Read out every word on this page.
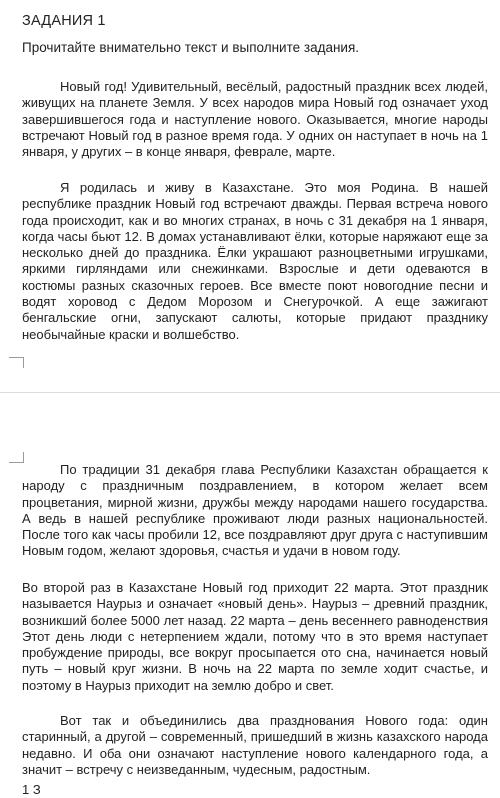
ЗАДАНИЯ 1
Прочитайте внимательно текст и выполните задания.

Новый год! Удивительный, весёлый, радостный праздник всех людей, живущих на планете Земля. У всех народов мира Новый год означает уход завершившегося года и наступление нового. Оказывается, многие народы встречают Новый год в разное время года. У одних он наступает в ночь на 1 января, у других – в конце января, феврале, марте.

Я родилась и живу в Казахстане. Это моя Родина. В нашей республике праздник Новый год встречают дважды. Первая встреча нового года происходит, как и во многих странах, в ночь с 31 декабря на 1 января, когда часы бьют 12. В домах устанавливают ёлки, которые наряжают еще за несколько дней до праздника. Ёлки украшают разноцветными игрушками, яркими гирляндами или снежинками. Взрослые и дети одеваются в костюмы разных сказочных героев. Все вместе поют новогодние песни и водят хоровод с Дедом Морозом и Снегурочкой. А еще зажигают бенгальские огни, запускают салюты, которые придают празднику необычайные краски и волшебство.

По традиции 31 декабря глава Республики Казахстан обращается к народу с праздничным поздравлением, в котором желает всем процветания, мирной жизни, дружбы между народами нашего государства. А ведь в нашей республике проживают люди разных национальностей. После того как часы пробили 12, все поздравляют друг друга с наступившим Новым годом, желают здоровья, счастья и удачи в новом году.

Во второй раз в Казахстане Новый год приходит 22 марта. Этот праздник называется Наурыз и означает «новый день». Наурыз – древний праздник, возникший более 5000 лет назад. 22 марта – день весеннего равноденствия Этот день люди с нетерпением ждали, потому что в это время наступает пробуждение природы, все вокруг просыпается ото сна, начинается новый путь – новый круг жизни. В ночь на 22 марта по земле ходит счастье, и поэтому в Наурыз приходит на землю добро и свет.

Вот так и объединились два празднования Нового года: один старинный, а другой – современный, пришедший в жизнь казахского народа недавно. И оба они означают наступление нового календарного года, а значит – встречу с неизведанным, чудесным, радостным.

1 З
